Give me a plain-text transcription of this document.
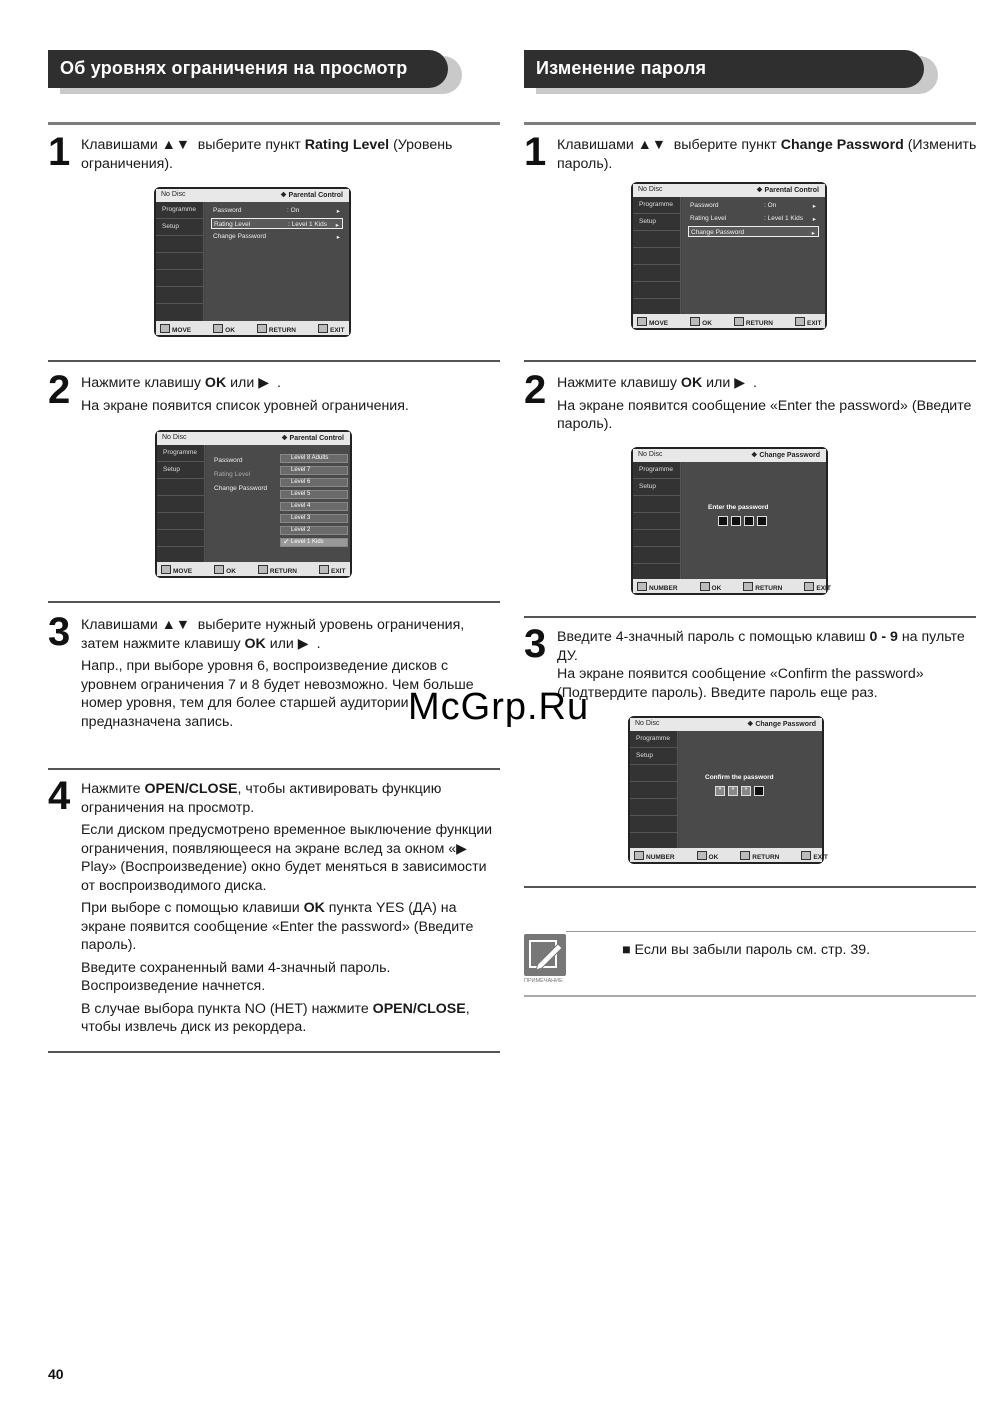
Об уровнях ограничения на просмотр
1 Клавишами ▲▼  выберите пункт Rating Level (Уровень ограничения).

No Disc	❖ Parental Control
Programme
Setup
Password	: On	▸
Rating Level	: Level 1 Kids ▸
Change Password	▸
MOVE	OK	RETURN	EXIT
2 Нажмите клавишу OK или ▶  .

На экране появится список уровней ограничения.

No Disc	❖ Parental Control
Programme
Setup
Password
Rating Level
Change Password
Level 8 Adults
Level 7
Level 6
Level 5
Level 4
Level 3
Level 2
Level 1 Kids
✓
MOVE	OK	RETURN	EXIT
3 Клавишами ▲▼  выберите нужный уровень ограничения, затем нажмите клавишу OK или ▶  .

Напр., при выборе уровня 6, воспроизведение дисков с уровнем ограничения 7 и 8 будет невозможно. Чем больше номер уровня, тем для более старшей аудитории предназначена запись.

4 Нажмите OPEN/CLOSE, чтобы активировать функцию ограничения на просмотр.

Если диском предусмотрено временное выключение функции ограничения, появляющееся на экране вслед за окном «▶ Play» (Воспроизведение) окно будет меняться в зависимости от воспроизводимого диска.

При выборе с помощью клавиши OK пункта YES (ДА) на экране появится сообщение «Enter the password» (Введите пароль).

Введите сохраненный вами 4-значный пароль. Воспроизведение начнется.

В случае выбора пункта NO (НЕТ) нажмите OPEN/CLOSE, чтобы извлечь диск из рекордера.

Изменение пароля
1 Клавишами ▲▼  выберите пункт Change Password (Изменить пароль).

No Disc	❖ Parental Control
Programme
Setup
Password	: On	▸
Rating Level	: Level 1 Kids ▸
Change Password	▸
MOVE	OK	RETURN	EXIT
2 Нажмите клавишу OK или ▶  .

На экране появится сообщение «Enter the password» (Введите пароль).

No Disc	❖ Change Password
Programme
Setup
Enter the password
NUMBER	OK	RETURN	EXIT
3 Введите 4-значный пароль с помощью клавиш 0 - 9 на пульте ДУ.
На экране появится сообщение «Confirm the password» (Подтвердите пароль). Введите пароль еще раз.

No Disc	❖ Change Password
Programme
Setup
Confirm the password
*	*	*
NUMBER	OK	RETURN	EXIT
ПРИМЕЧАНИЕ
■ Если вы забыли пароль см. стр. 39.
McGrp.Ru
40
